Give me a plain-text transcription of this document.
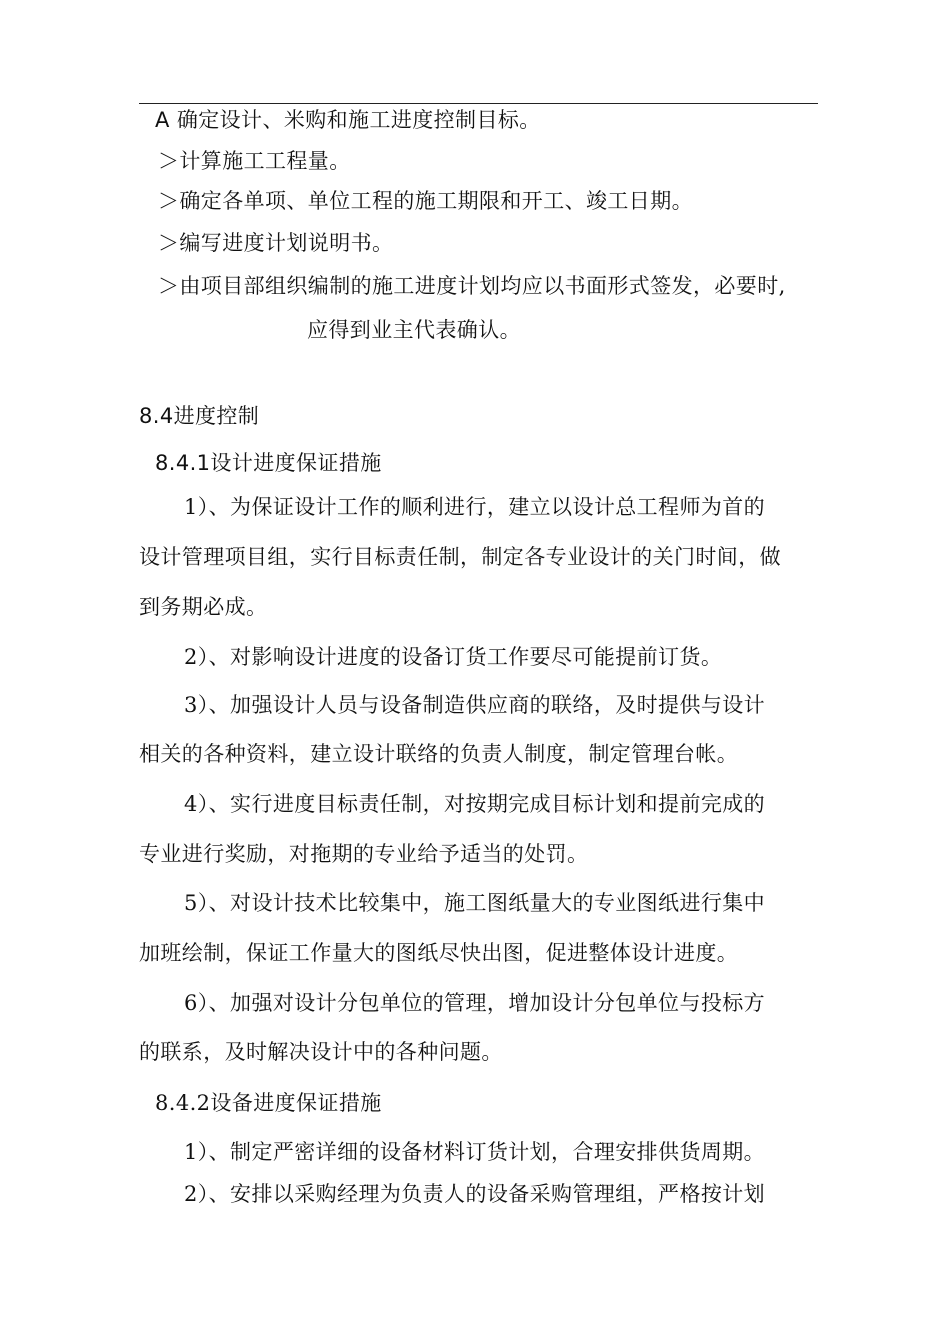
A 确定设计、米购和施工进度控制目标。
＞计算施工工程量。
＞确定各单项、单位工程的施工期限和开工、竣工日期。
＞编写进度计划说明书。
＞由项目部组织编制的施工进度计划均应以书面形式签发，必要时,
应得到业主代表确认。
8.4进度控制
8.4.1设计进度保证措施
1）、为保证设计工作的顺利进行，建立以设计总工程师为首的
设计管理项目组，实行目标责任制，制定各专业设计的关门时间，做
到务期必成。
2）、对影响设计进度的设备订货工作要尽可能提前订货。
3）、加强设计人员与设备制造供应商的联络，及时提供与设计
相关的各种资料，建立设计联络的负责人制度，制定管理台帐。
4）、实行进度目标责任制，对按期完成目标计划和提前完成的
专业进行奖励，对拖期的专业给予适当的处罚。
5）、对设计技术比较集中，施工图纸量大的专业图纸进行集中
加班绘制，保证工作量大的图纸尽快出图，促进整体设计进度。
6）、加强对设计分包单位的管理，增加设计分包单位与投标方
的联系，及时解决设计中的各种问题。
8.4.2设备进度保证措施
1）、制定严密详细的设备材料订货计划，合理安排供货周期。
2）、安排以采购经理为负责人的设备采购管理组，严格按计划
